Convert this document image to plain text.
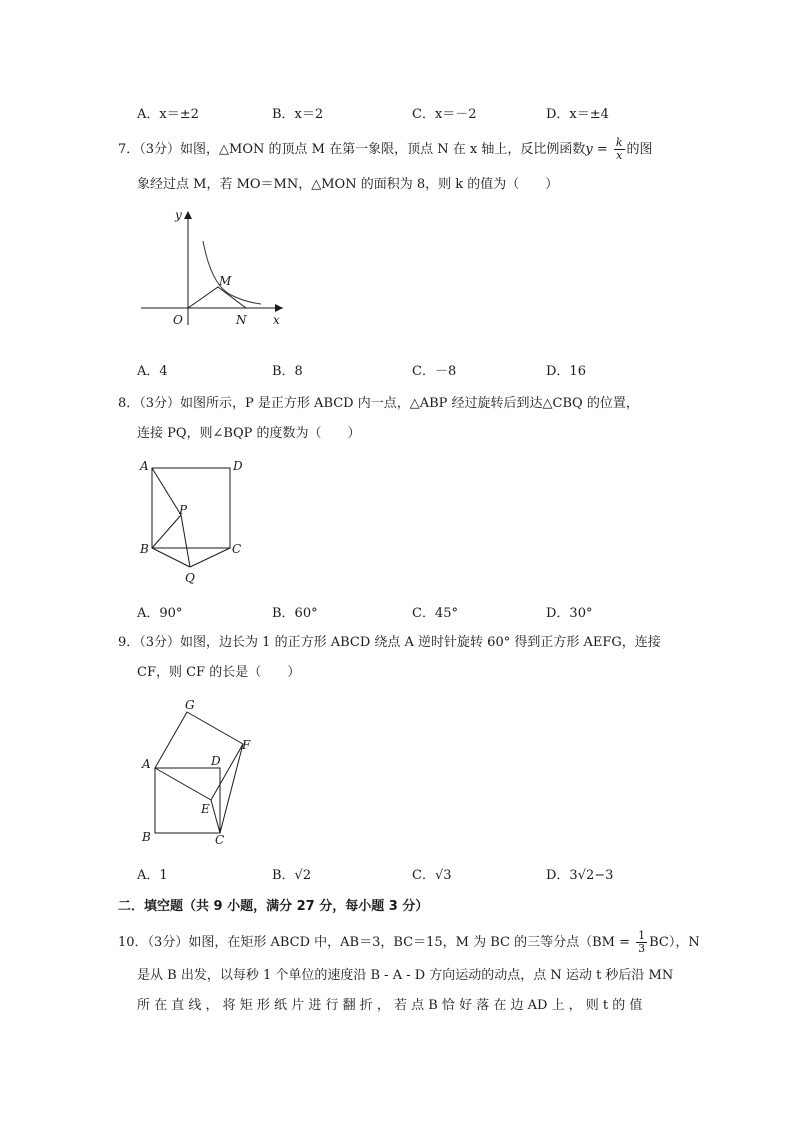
A．x＝±2	B．x＝2	C．x＝－2	D．x＝±4
7．（3分）如图，△MON 的顶点 M 在第一象限，顶点 N 在 x 轴上，反比例函数$y = \frac{k}{x}$ 的图
象经过点 M，若 MO＝MN，△MON 的面积为 8，则 k 的值为（　　）
y
x
O
M
N
A．4	B．8	C．－8	D．16
8．（3分）如图所示，P 是正方形 ABCD 内一点，△ABP 经过旋转后到达△CBQ 的位置，
连接 PQ，则∠BQP 的度数为（　　）
A	D
B	C
P
Q
A．90°	B．60°	C．45°	D．30°
9．（3分）如图，边长为 1 的正方形 ABCD 绕点 A 逆时针旋转 60° 得到正方形 AEFG，连接
CF，则 CF 的长是（　　）
G
F
A	D
E
B	C
A．1	B．√2	C．√3	D．3√2−3
二．填空题（共 9 小题，满分 27 分，每小题 3 分）
10．（3分）如图，在矩形 ABCD 中，AB＝3，BC＝15，M 为 BC 的三等分点$(BM = \frac{1}{3} BC)$，N
是从 B 出发，以每秒 1 个单位的速度沿 B - A - D 方向运动的动点，点 N 运动 t 秒后沿 MN
所 在 直 线 ， 将 矩 形 纸 片 进 行 翻 折 ， 若 点 B 恰 好 落 在 边 AD 上 ， 则 t 的 值
